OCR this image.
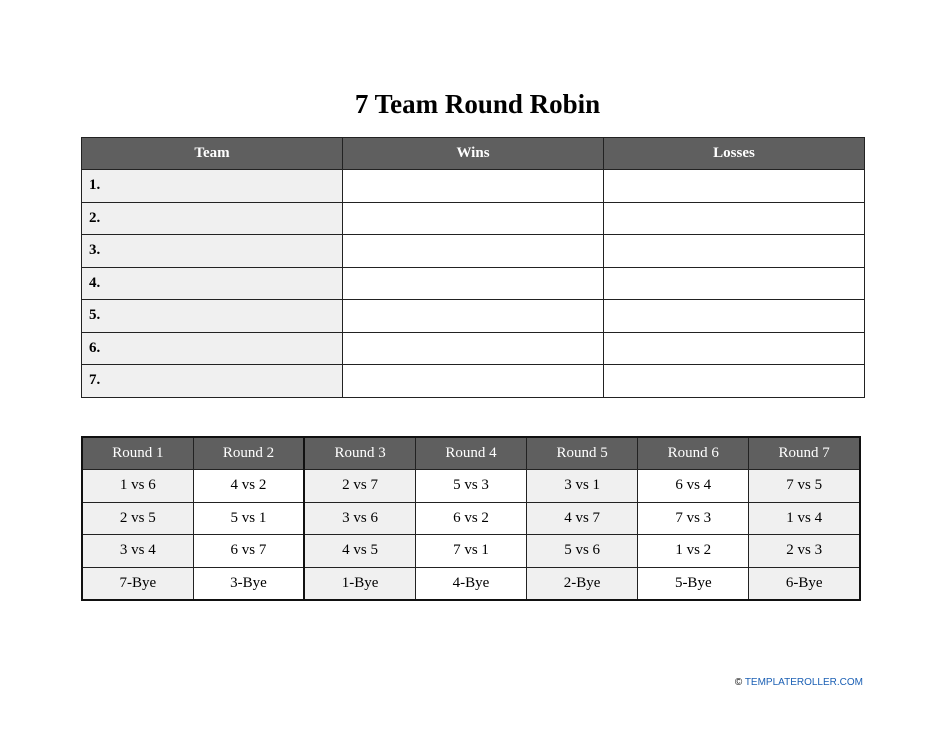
7 Team Round Robin
Team	Wins	Losses
1.		
2.		
3.		
4.		
5.		
6.		
7.		
Round 1	Round 2	Round 3	Round 4	Round 5	Round 6	Round 7
1 vs 6	4 vs 2	2 vs 7	5 vs 3	3 vs 1	6 vs 4	7 vs 5
2 vs 5	5 vs 1	3 vs 6	6 vs 2	4 vs 7	7 vs 3	1 vs 4
3 vs 4	6 vs 7	4 vs 5	7 vs 1	5 vs 6	1 vs 2	2 vs 3
7-Bye	3-Bye	1-Bye	4-Bye	2-Bye	5-Bye	6-Bye
© TEMPLATEROLLER.COM
